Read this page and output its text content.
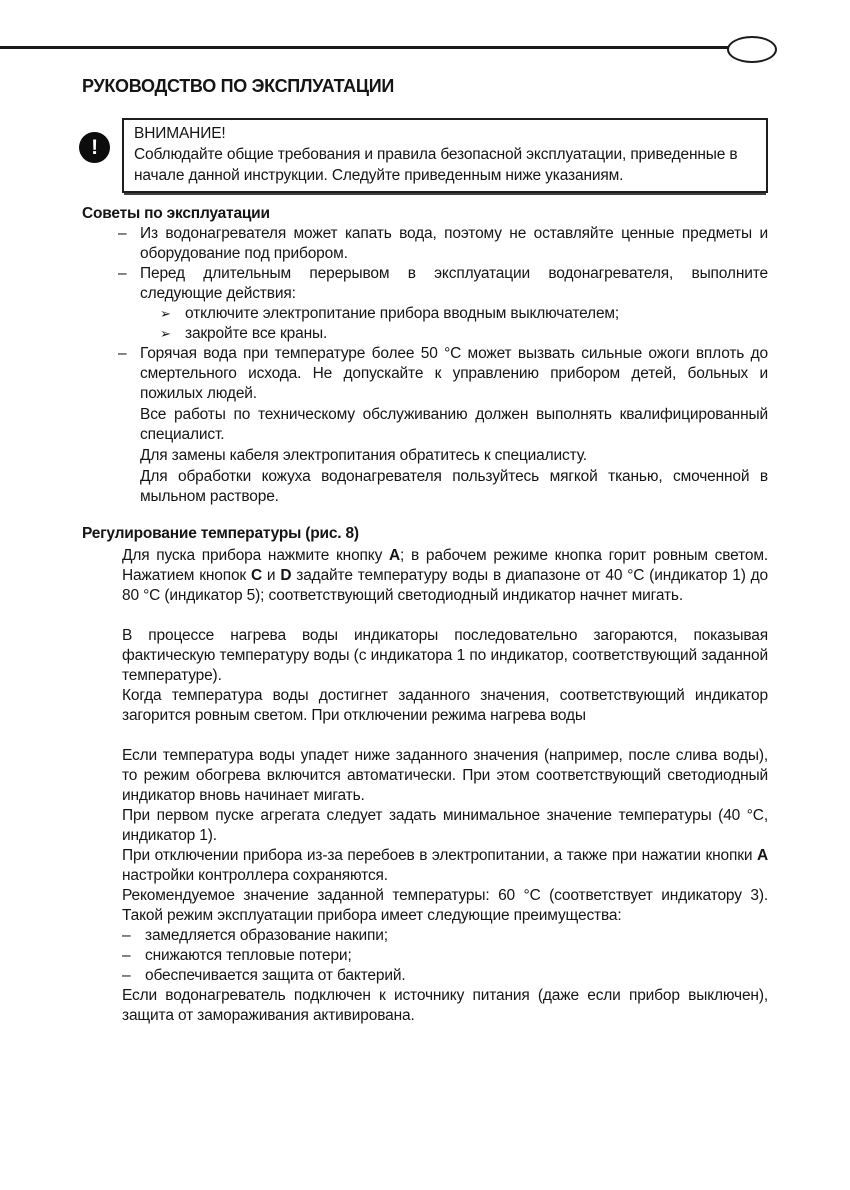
РУКОВОДСТВО ПО ЭКСПЛУАТАЦИИ
!
ВНИМАНИЕ!
Соблюдайте общие требования и правила безопасной эксплуатации, приведенные в начале данной инструкции. Следуйте приведенным ниже указаниям.
Советы по эксплуатации
– Из водонагревателя может капать вода, поэтому не оставляйте ценные предметы и оборудование под прибором.
– Перед длительным перерывом в эксплуатации водонагревателя, выполните следующие действия:
➢ отключите электропитание прибора вводным выключателем;
➢ закройте все краны.
– Горячая вода при температуре более 50 °С может вызвать сильные ожоги вплоть до смертельного исхода. Не допускайте к управлению прибором детей, больных и пожилых людей.

Все работы по техническому обслуживанию должен выполнять квалифицированный специалист.

Для замены кабеля электропитания обратитесь к специалисту.

Для обработки кожуха водонагревателя пользуйтесь мягкой тканью, смоченной в мыльном растворе.

Регулирование температуры (рис. 8)

Для пуска прибора нажмите кнопку А; в рабочем режиме кнопка горит ровным светом. Нажатием кнопок С и D задайте температуру воды в диапазоне от 40 °С (индикатор 1) до 80 °С (индикатор 5); соответствующий светодиодный индикатор начнет мигать.

В процессе нагрева воды индикаторы последовательно загораются, показывая фактическую температуру воды (с индикатора 1 по индикатор, соответствующий заданной температуре).

Когда температура воды достигнет заданного значения, соответствующий индикатор загорится ровным светом. При отключении режима нагрева воды

Если температура воды упадет ниже заданного значения (например, после слива воды), то режим обогрева включится автоматически. При этом соответствующий светодиодный индикатор вновь начинает мигать.

При первом пуске агрегата следует задать минимальное значение температуры (40 °С, индикатор 1).

При отключении прибора из-за перебоев в электропитании, а также при нажатии кнопки А настройки контроллера сохраняются.

Рекомендуемое значение заданной температуры: 60 °С (соответствует индикатору 3). Такой режим эксплуатации прибора имеет следующие преимущества:

– замедляется образование накипи;
– снижаются тепловые потери;
– обеспечивается защита от бактерий.

Если водонагреватель подключен к источнику питания (даже если прибор выключен), защита от замораживания активирована.
